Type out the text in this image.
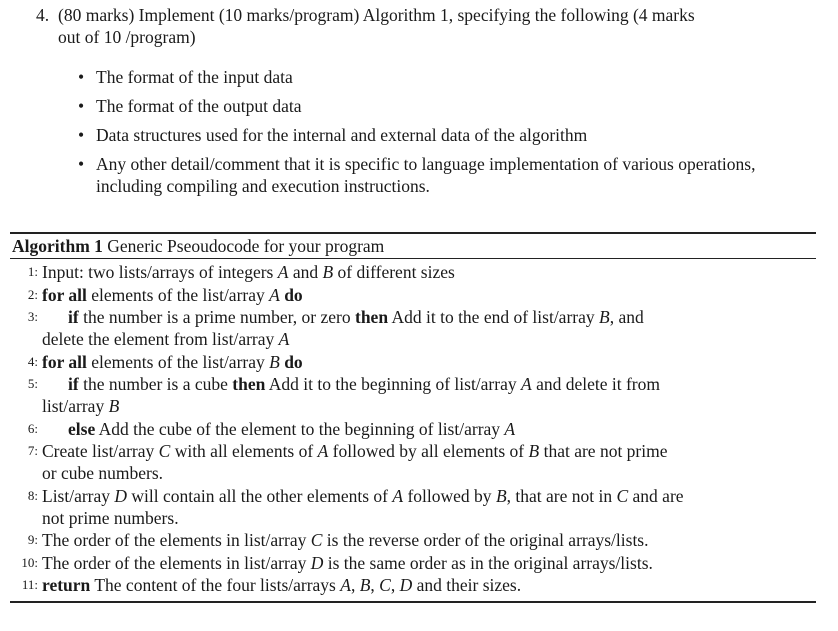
4. (80 marks) Implement (10 marks/program) Algorithm 1, specifying the following (4 marks
out of 10 /program)
• The format of the input data
• The format of the output data
• Data structures used for the internal and external data of the algorithm
• Any other detail/comment that it is specific to language implementation of various operations, including compiling and execution instructions.
Algorithm 1 Generic Pseoudocode for your program
1: Input: two lists/arrays of integers A and B of different sizes
2: for all elements of the list/array A do
3:	if the number is a prime number, or zero then Add it to the end of list/array B, and
delete the element from list/array A
4: for all elements of the list/array B do
5:	if the number is a cube then Add it to the beginning of list/array A and delete it from
list/array B
6:	else Add the cube of the element to the beginning of list/array A
7: Create list/array C with all elements of A followed by all elements of B that are not prime
or cube numbers.
8: List/array D will contain all the other elements of A followed by B, that are not in C and are
not prime numbers.
9: The order of the elements in list/array C is the reverse order of the original arrays/lists.
10: The order of the elements in list/array D is the same order as in the original arrays/lists.
11: return The content of the four lists/arrays A, B, C, D and their sizes.
